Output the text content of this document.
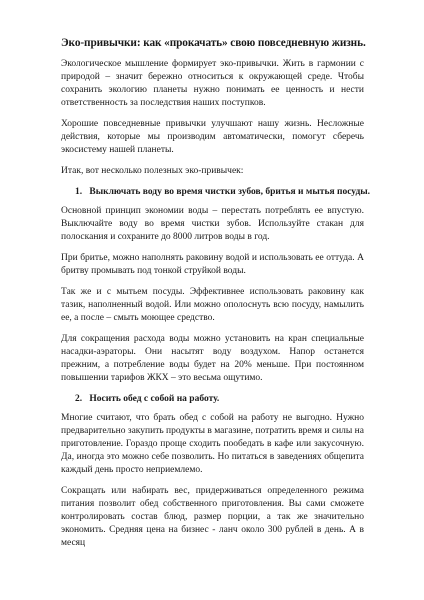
Эко-привычки: как «прокачать» свою повседневную жизнь.

Экологическое мышление формирует эко-привычки. Жить в гармонии с природой – значит бережно относиться к окружающей среде. Чтобы сохранить экологию планеты нужно понимать ее ценность и нести ответственность за последствия наших поступков.

Хорошие повседневные привычки улучшают нашу жизнь. Несложные действия, которые мы производим автоматически, помогут сберечь экосистему нашей планеты.

Итак, вот несколько полезных эко-привычек:

1. Выключать воду во время чистки зубов, бритья и мытья посуды.

Основной принцип экономии воды – перестать потреблять ее впустую. Выключайте воду во время чистки зубов. Используйте стакан для полоскания и сохраните до 8000 литров воды в год.

При бритье, можно наполнять раковину водой и использовать ее оттуда. А бритву промывать под тонкой струйкой воды.

Так же и с мытьем посуды. Эффективнее использовать раковину как тазик, наполненный водой. Или можно ополоснуть всю посуду, намылить ее, а после – смыть моющее средство.

Для сокращения расхода воды можно установить на кран специальные насадки-аэраторы. Они насытят воду воздухом. Напор останется прежним, а потребление воды будет на 20% меньше. При постоянном повышении тарифов ЖКХ – это весьма ощутимо.

2. Носить обед с собой на работу.

Многие считают, что брать обед с собой на работу не выгодно. Нужно предварительно закупить продукты в магазине, потратить время и силы на приготовление. Гораздо проще сходить пообедать в кафе или закусочную. Да, иногда это можно себе позволить. Но питаться в заведениях общепита каждый день просто неприемлемо.

Сокращать или набирать вес, придерживаться определенного режима питания позволит обед собственного приготовления. Вы сами сможете контролировать состав блюд, размер порции, а так же значительно экономить. Средняя цена на бизнес - ланч около 300 рублей в день. А в месяц
